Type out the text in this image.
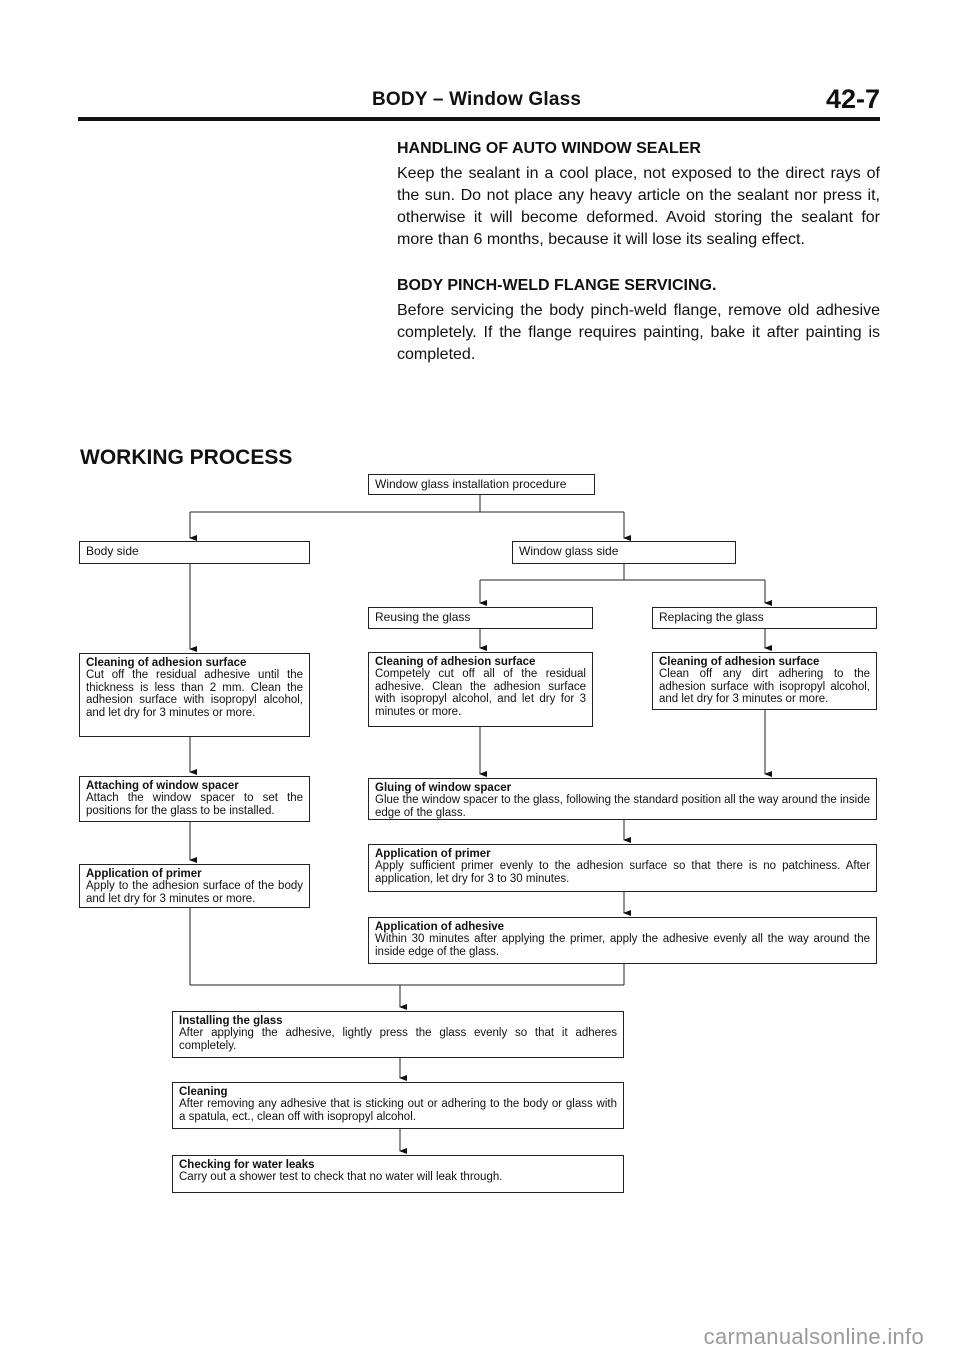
BODY – Window Glass	42-7
HANDLING OF AUTO WINDOW SEALER
Keep the sealant in a cool place, not exposed to the direct rays of the sun. Do not place any heavy article on the sealant nor press it, otherwise it will become deformed. Avoid storing the sealant for more than 6 months, because it will lose its sealing effect.
BODY PINCH-WELD FLANGE SERVICING.
Before servicing the body pinch-weld flange, remove old adhesive completely. If the flange requires painting, bake it after painting is completed.
WORKING PROCESS
Window glass installation procedure
Body side
Cleaning of adhesion surface
Cut off the residual adhesive until the thickness is less than 2 mm. Clean the adhesion surface with isopropyl alcohol, and let dry for 3 minutes or more.
Attaching of window spacer
Attach the window spacer to set the positions for the glass to be installed.
Application of primer
Apply to the adhesion surface of the body and let dry for 3 minutes or more.
Window glass side
Reusing the glass	Replacing the glass
Cleaning of adhesion surface
Competely cut off all of the residual adhesive. Clean the adhesion surface with isopropyl alcohol, and let dry for 3 minutes or more.
Cleaning of adhesion surface
Clean off any dirt adhering to the adhesion surface with isopropyl alcohol, and let dry for 3 minutes or more.
Gluing of window spacer
Glue the window spacer to the glass, following the standard position all the way around the inside edge of the glass.
Application of primer
Apply sufficient primer evenly to the adhesion surface so that there is no patchiness. After application, let dry for 3 to 30 minutes.
Application of adhesive
Within 30 minutes after applying the primer, apply the adhesive evenly all the way around the inside edge of the glass.
Installing the glass
After applying the adhesive, lightly press the glass evenly so that it adheres completely.
Cleaning
After removing any adhesive that is sticking out or adhering to the body or glass with a spatula, ect., clean off with isopropyl alcohol.
Checking for water leaks
Carry out a shower test to check that no water will leak through.
carmanualsonline.info
